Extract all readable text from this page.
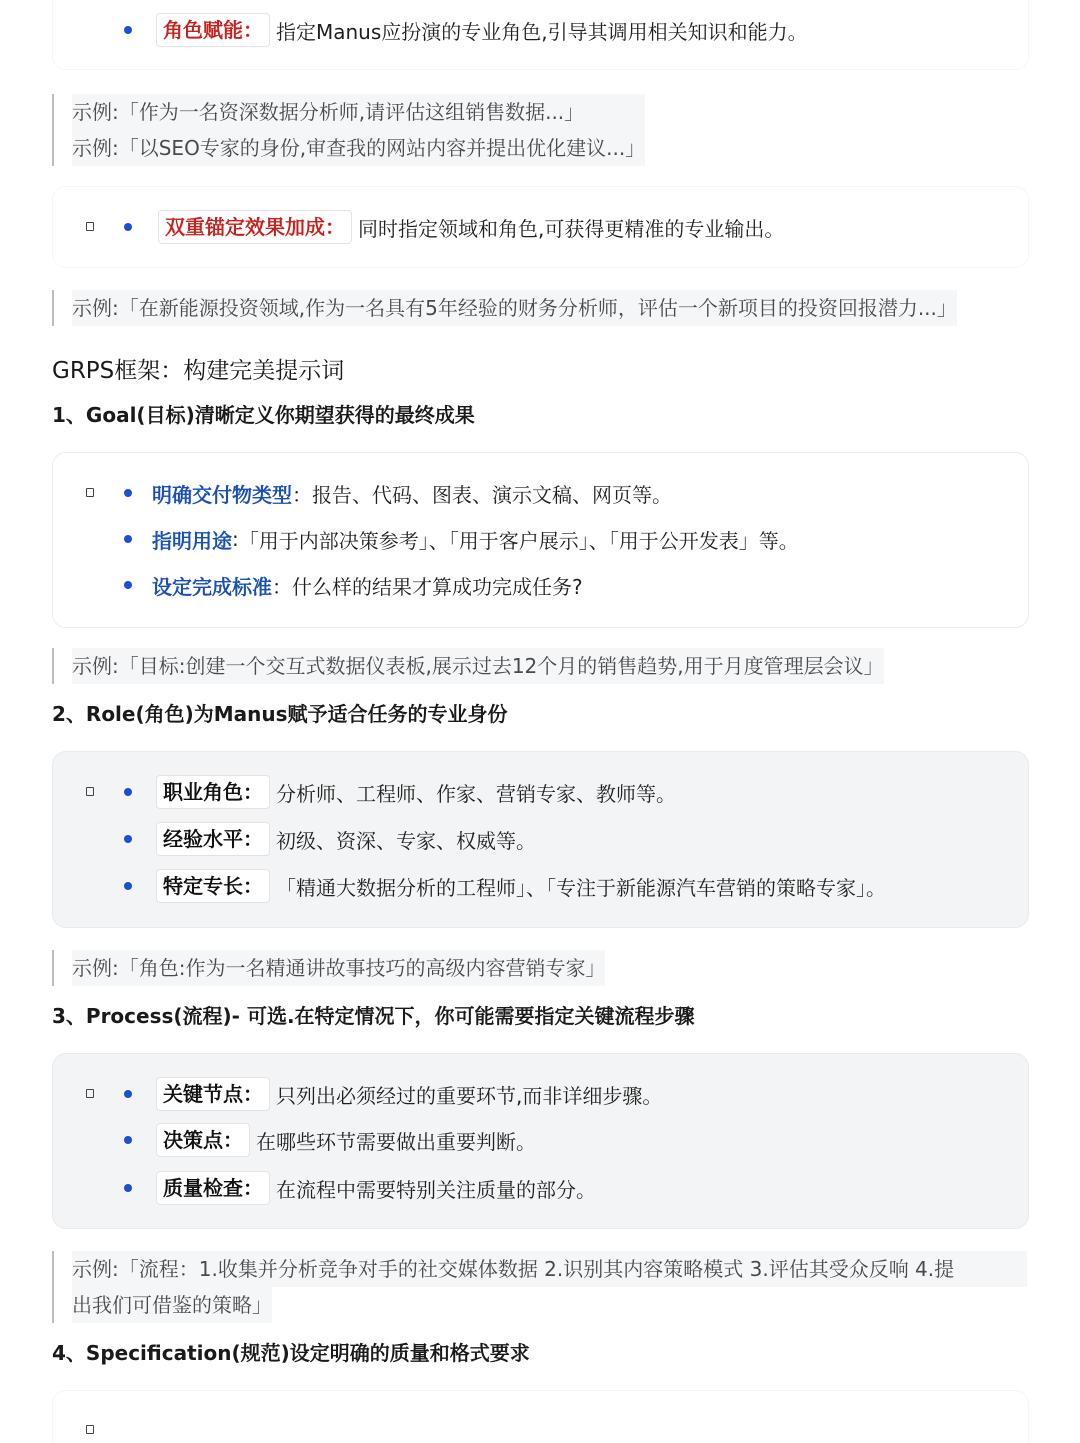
角色赋能： 指定Manus应扮演的专业角色,引导其调用相关知识和能力。
示例:「作为一名资深数据分析师,请评估这组销售数据...」
示例:「以SEO专家的身份,审查我的网站内容并提出优化建议...」
双重锚定效果加成： 同时指定领域和角色,可获得更精准的专业输出。
示例:「在新能源投资领域,作为一名具有5年经验的财务分析师，评估一个新项目的投资回报潜力...」
GRPS框架：构建完美提示词
1、Goal(目标)清晰定义你期望获得的最终成果
明确交付物类型 ： 报告、代码、图表、演示文稿、网页等。
指明用途 : 「用于内部决策参考」、「用于客户展示」、「用于公开发表」等。
设定完成标准 ： 什么样的结果才算成功完成任务?
示例:「目标:创建一个交互式数据仪表板,展示过去12个月的销售趋势,用于月度管理层会议」
2、Role(角色)为Manus赋予适合任务的专业身份
职业角色： 分析师、工程师、作家、营销专家、教师等。
经验水平： 初级、资深、专家、权威等。
特定专长： 「精通大数据分析的工程师」、「专注于新能源汽车营销的策略专家」。
示例:「角色:作为一名精通讲故事技巧的高级内容营销专家」
3、Process(流程)- 可选.在特定情况下，你可能需要指定关键流程步骤
关键节点： 只列出必须经过的重要环节,而非详细步骤。
决策点： 在哪些环节需要做出重要判断。
质量检查： 在流程中需要特别关注质量的部分。
示例:「流程：1.收集并分析竞争对手的社交媒体数据 2.识别其内容策略模式 3.评估其受众反响 4.提
出我们可借鉴的策略」
4、Specification(规范)设定明确的质量和格式要求
